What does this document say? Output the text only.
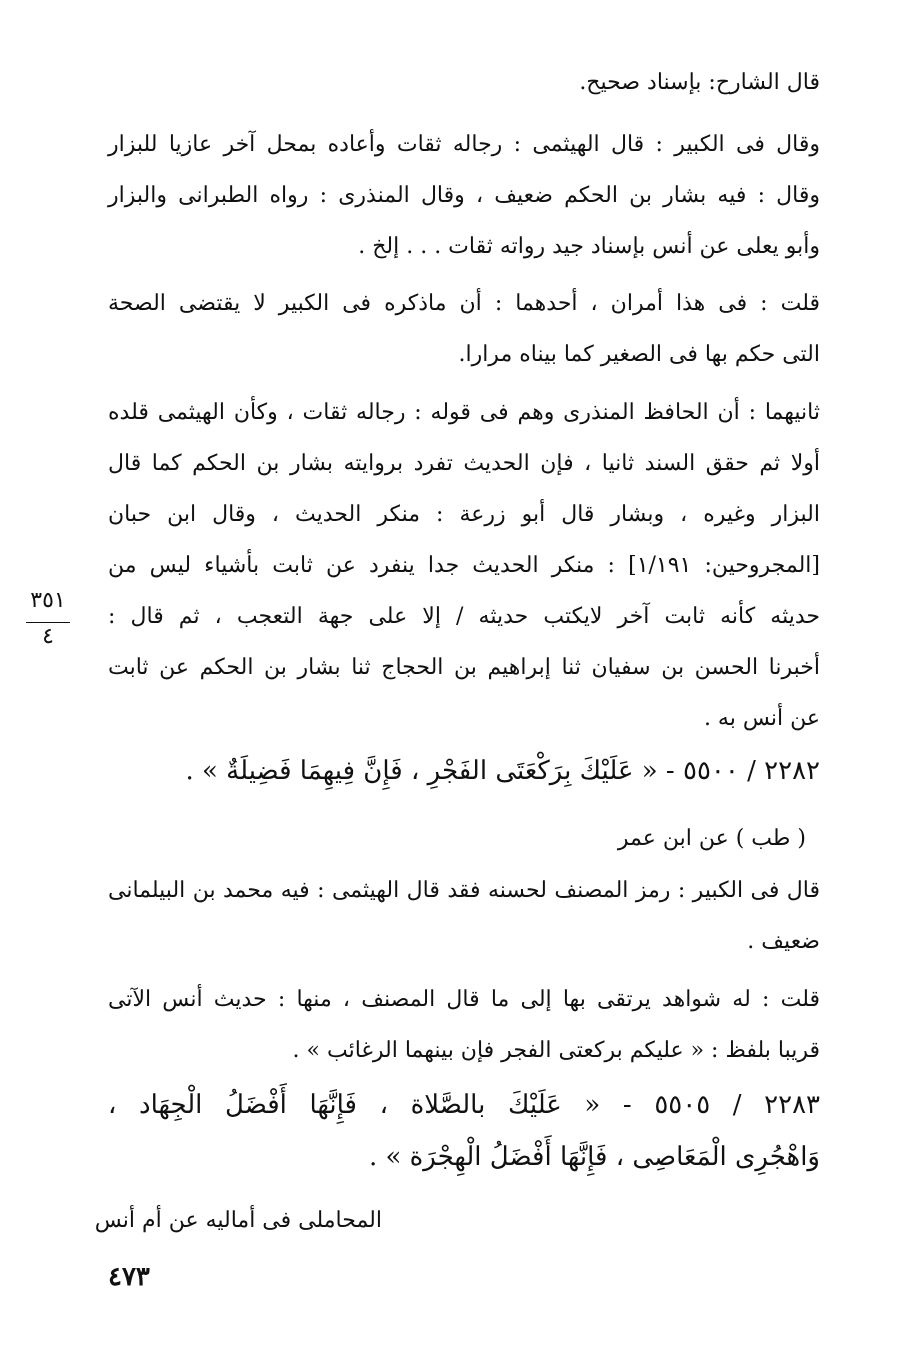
قال الشارح: بإسناد صحيح.
وقال فى الكبير : قال الهيثمى : رجاله ثقات وأعاده بمحل آخر عازيا للبزار
وقال : فيه بشار بن الحكم ضعيف ، وقال المنذرى : رواه الطبرانى والبزار
وأبو يعلى عن أنس بإسناد جيد رواته ثقات . . . إلخ .
قلت : فى هذا أمران ، أحدهما : أن ماذكره فى الكبير لا يقتضى الصحة
التى حكم بها فى الصغير كما بيناه مرارا.
ثانيهما : أن الحافظ المنذرى وهم فى قوله : رجاله ثقات ، وكأن الهيثمى قلده
أولا ثم حقق السند ثانيا ، فإن الحديث تفرد بروايته بشار بن الحكم كما قال
البزار وغيره ، وبشار قال أبو زرعة : منكر الحديث ، وقال ابن حبان
[المجروحين: ١/١٩١] : منكر الحديث جدا ينفرد عن ثابت بأشياء ليس من
حديثه كأنه ثابت آخر لايكتب حديثه / إلا على جهة التعجب ، ثم قال :
أخبرنا الحسن بن سفيان ثنا إبراهيم بن الحجاج ثنا بشار بن الحكم عن ثابت
عن أنس به .
٢٢٨٢ / ٥٥٠٠ - « عَلَيْكَ بِرَكْعَتَى الفَجْرِ ، فَإِنَّ فِيهِمَا فَضِيلَةٌ » .
( طب ) عن ابن عمر
قال فى الكبير : رمز المصنف لحسنه فقد قال الهيثمى : فيه محمد بن البيلمانى
ضعيف .
قلت : له شواهد يرتقى بها إلى ما قال المصنف ، منها : حديث أنس الآتى
قريبا بلفظ : « عليكم بركعتى الفجر فإن بينهما الرغائب » .
٢٢٨٣ / ٥٥٠٥ - « عَلَيْكَ بالصَّلاة ، فَإِنَّهَا أَفْضَلُ الْجِهَاد ،
وَاهْجُرِى الْمَعَاصِى ، فَإِنَّهَا أَفْضَلُ الْهِجْرَة » .
المحاملى فى أماليه عن أم أنس
٣٥١
٤
٤٧٣
